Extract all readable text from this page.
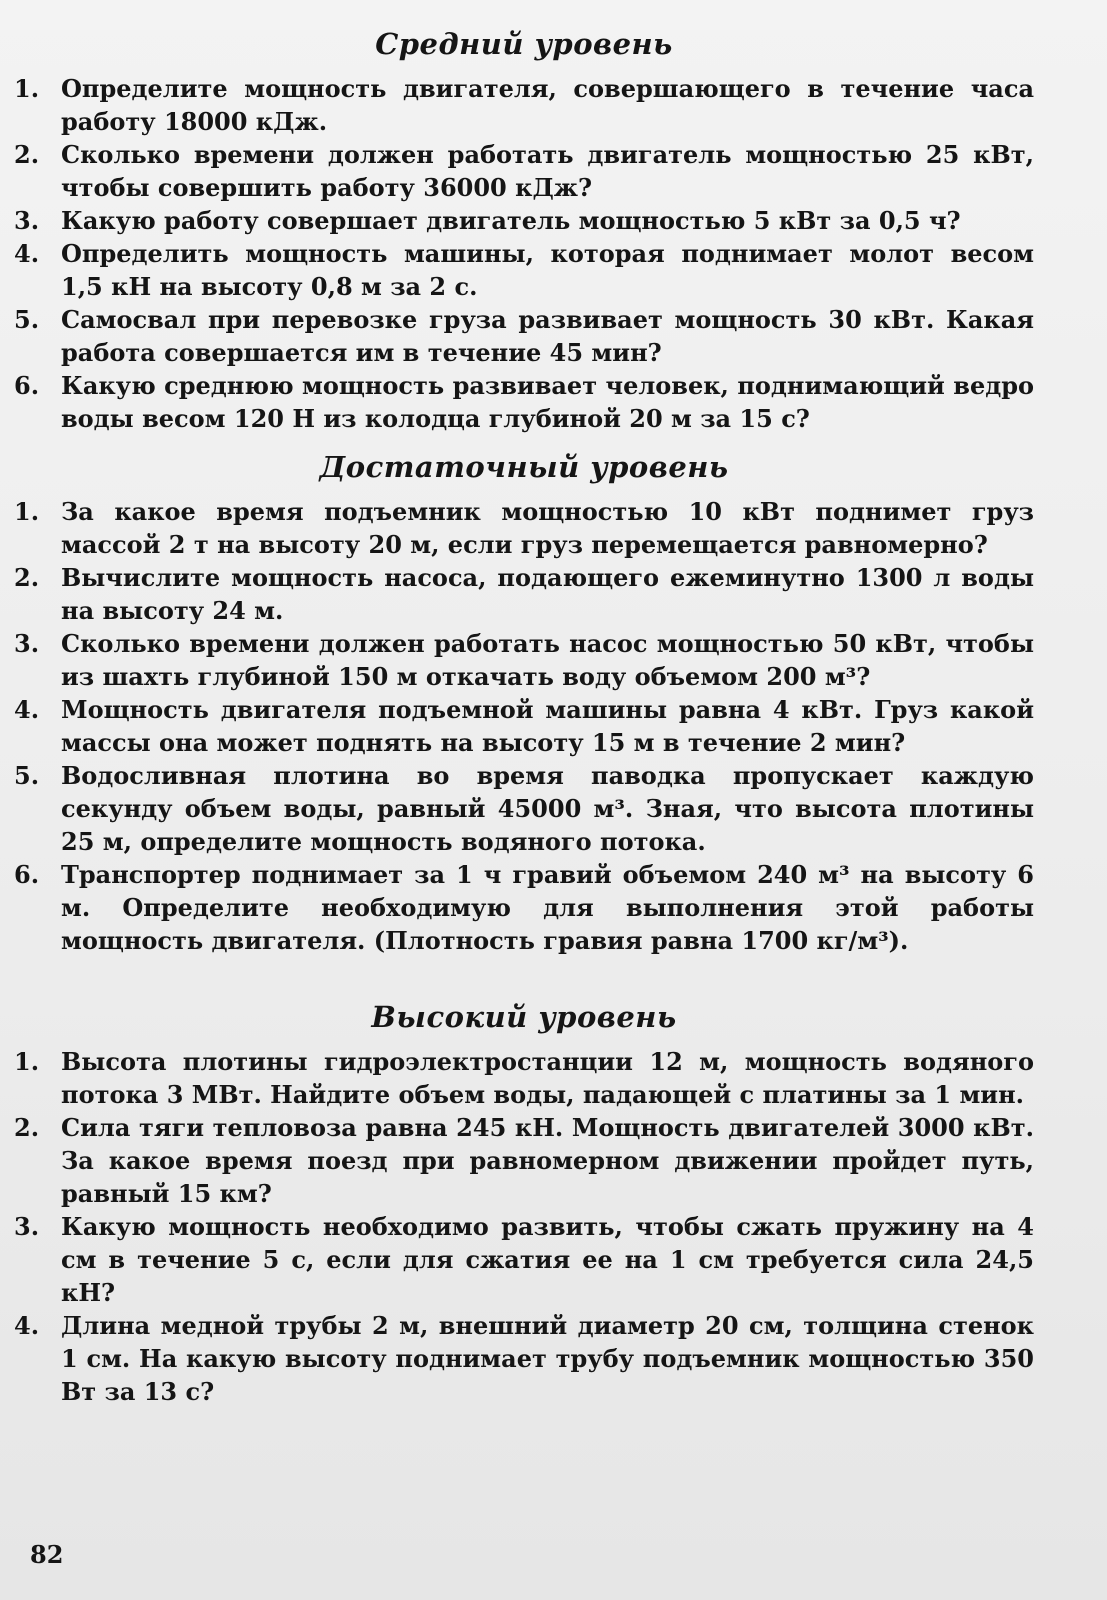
Средний уровень
1. Определите мощность двигателя, совершающего в течение часа работу 18000 кДж.
2. Сколько времени должен работать двигатель мощностью 25 кВт, чтобы совершить работу 36000 кДж?
3. Какую работу совершает двигатель мощностью 5 кВт за 0,5 ч?
4. Определить мощность машины, которая поднимает молот весом 1,5 кН на высоту 0,8 м за 2 с.
5. Самосвал при перевозке груза развивает мощность 30 кВт. Какая работа совершается им в течение 45 мин?
6. Какую среднюю мощность развивает человек, поднимающий ведро воды весом 120 Н из колодца глубиной 20 м за 15 с?
Достаточный уровень
1. За какое время подъемник мощностью 10 кВт поднимет груз массой 2 т на высоту 20 м, если груз перемещается равномерно?
2. Вычислите мощность насоса, подающего ежеминутно 1300 л воды на высоту 24 м.
3. Сколько времени должен работать насос мощностью 50 кВт, чтобы из шахть глубиной 150 м откачать воду объемом 200 м³?
4. Мощность двигателя подъемной машины равна 4 кВт. Груз какой массы она может поднять на высоту 15 м в течение 2 мин?
5. Водосливная плотина во время паводка пропускает каждую секунду объем воды, равный 45000 м³. Зная, что высота плотины 25 м, определите мощность водяного потока.
6. Транспортер поднимает за 1 ч гравий объемом 240 м³ на высоту 6 м. Определите необходимую для выполнения этой работы мощность двигателя. (Плотность гравия равна 1700 кг/м³).
Высокий уровень
1. Высота плотины гидроэлектростанции 12 м, мощность водяного потока 3 МВт. Найдите объем воды, падающей с платины за 1 мин.
2. Сила тяги тепловоза равна 245 кН. Мощность двигателей 3000 кВт. За какое время поезд при равномерном движении пройдет путь, равный 15 км?
3. Какую мощность необходимо развить, чтобы сжать пружину на 4 см в течение 5 с, если для сжатия ее на 1 см требуется сила 24,5 кН?
4. Длина медной трубы 2 м, внешний диаметр 20 см, толщина стенок 1 см. На какую высоту поднимает трубу подъемник мощностью 350 Вт за 13 с?
82
